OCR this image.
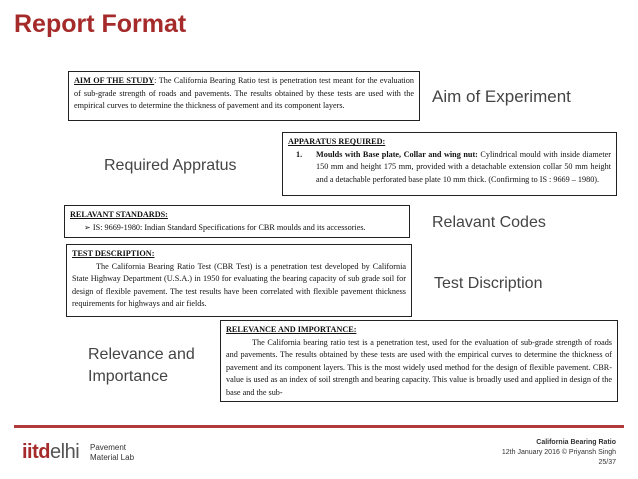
Report Format
AIM OF THE STUDY: The California Bearing Ratio test is penetration test meant for the evaluation of sub-grade strength of roads and pavements. The results obtained by these tests are used with the empirical curves to determine the thickness of pavement and its component layers.	Aim of Experiment
APPARATUS REQUIRED:
1.	Moulds with Base plate, Collar and wing nut: Cylindrical mould with inside diameter 150 mm and height 175 mm, provided with a detachable extension collar 50 mm height and a detachable perforated base plate 10 mm thick. (Confirming to IS : 9669 – 1980).
Required Appratus
RELAVANT STANDARDS:
➢ IS: 9669-1980: Indian Standard Specifications for CBR moulds and its accessories.	Relavant Codes
TEST DESCRIPTION:
The California Bearing Ratio Test (CBR Test) is a penetration test developed by California State Highway Department (U.S.A.) in 1950 for evaluating the bearing capacity of sub grade soil for design of flexible pavement. The test results have been correlated with flexible pavement thickness requirements for highways and air fields.
Test Discription
RELEVANCE AND IMPORTANCE:
The California bearing ratio test is a penetration test, used for the evaluation of sub-grade strength of roads and pavements. The results obtained by these tests are used with the empirical curves to determine the thickness of pavement and its component layers. This is the most widely used method for the design of flexible pavement. CBR-value is used as an index of soil strength and bearing capacity. This value is broadly used and applied in design of the base and the sub-
Relevance and
Importance
iitdelhi Pavement
Material Lab
California Bearing Ratio
12th January 2016 © Priyansh Singh
25/37
